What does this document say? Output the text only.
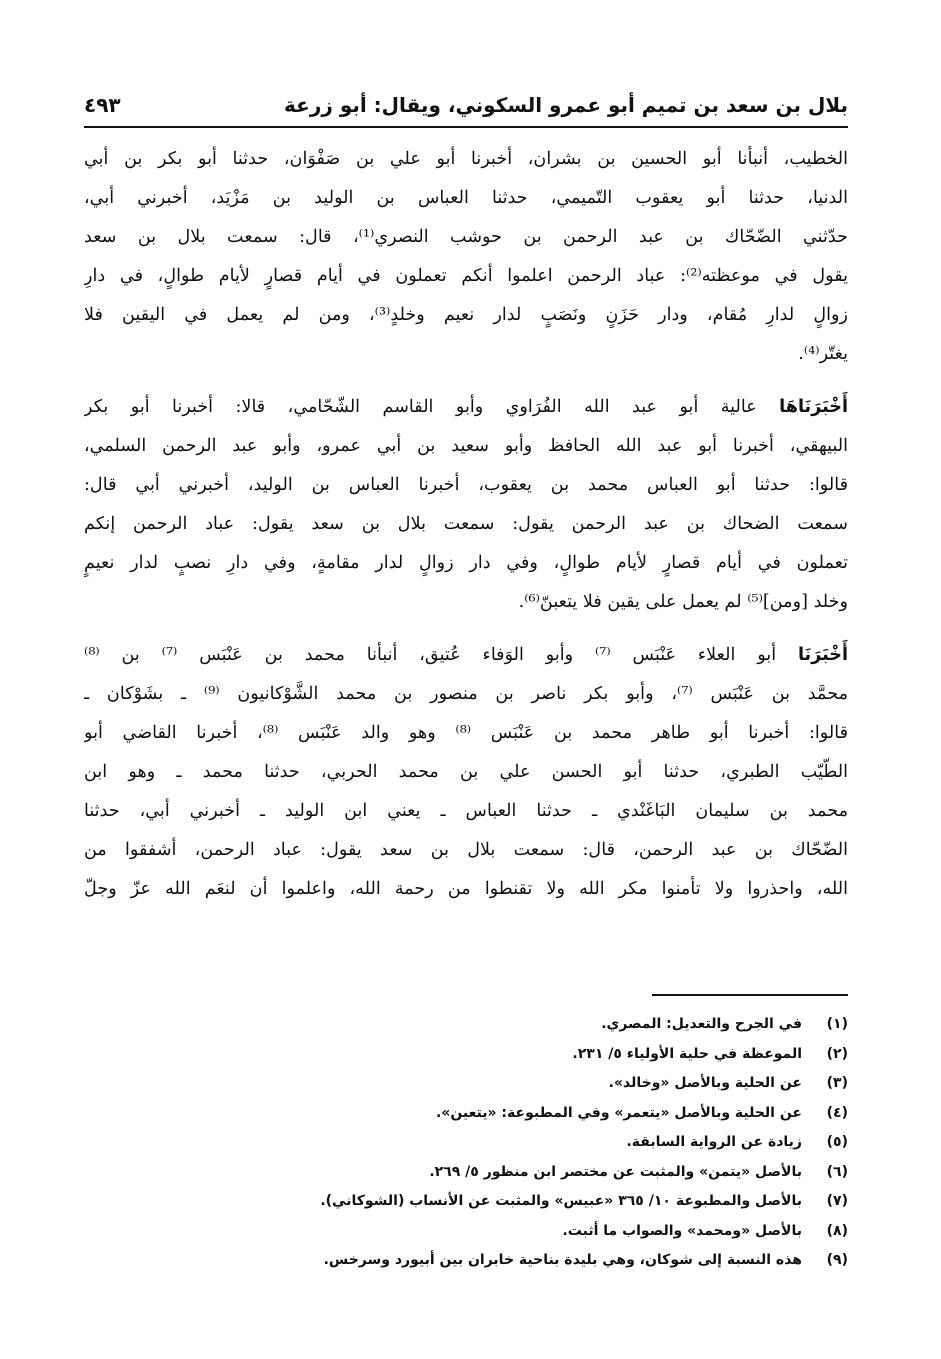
بلال بن سعد بن تميم أبو عمرو السكوني، ويقال: أبو زرعة
٤٩٣
الخطيب، أنبأنا أبو الحسين بن بشران، أخبرنا أبو علي بن صَفْوَان، حدثنا أبو بكر بن أبي
الدنيا، حدثنا أبو يعقوب التّميمي، حدثنا العباس بن الوليد بن مَزْيَد، أخبرني أبي،
حدّثني الضّحّاك بن عبد الرحمن بن حوشب النصري⁽¹⁾، قال: سمعت بلال بن سعد
يقول في موعظته⁽²⁾: عباد الرحمن اعلموا أنكم تعملون في أيام قصارٍ لأيام طوالٍ، في دارِ
زوالٍ لدارِ مُقام، ودار حَزَنٍ ونَصَبٍ لدار نعيم وخلدٍ⁽³⁾، ومن لم يعمل في اليقين فلا
يغتّر⁽⁴⁾.
أَخْبَرَنَاهَا عالية أبو عبد الله الفُرَاوي وأبو القاسم الشّحّامي، قالا: أخبرنا أبو بكر
البيهقي، أخبرنا أبو عبد الله الحافظ وأبو سعيد بن أبي عمرو، وأبو عبد الرحمن السلمي،
قالوا: حدثنا أبو العباس محمد بن يعقوب، أخبرنا العباس بن الوليد، أخبرني أبي قال:
سمعت الضحاك بن عبد الرحمن يقول: سمعت بلال بن سعد يقول: عباد الرحمن إنكم
تعملون في أيام قصارٍ لأيام طوالٍ، وفي دار زوالٍ لدار مقامةٍ، وفي دارِ نصبٍ لدار نعيمٍ
وخلد [ومن]⁽⁵⁾ لم يعمل على يقين فلا يتعبنّ⁽⁶⁾.
أَخْبَرَنَا أبو العلاء عَنْبَس ⁽⁷⁾ وأبو الوَفاء عُتيق، أنبأنا محمد بن عَنْبَس ⁽⁷⁾ بن ⁽⁸⁾
محمَّد بن عَنْبَس ⁽⁷⁾، وأبو بكر ناصر بن منصور بن محمد الشَّوْكانيون ⁽⁹⁾ ـ بشَوْكان ـ
قالوا: أخبرنا أبو طاهر محمد بن عَنْبَس ⁽⁸⁾ وهو والد عَنْبَس ⁽⁸⁾، أخبرنا القاضي أبو
الطّيّب الطبري، حدثنا أبو الحسن علي بن محمد الحربي، حدثنا محمد ـ وهو ابن
محمد بن سليمان البَاغَنْدي ـ حدثنا العباس ـ يعني ابن الوليد ـ أخبرني أبي، حدثنا
الضّحّاك بن عبد الرحمن، قال: سمعت بلال بن سعد يقول: عباد الرحمن، أشفقوا من
الله، واحذروا ولا تأمنوا مكر الله ولا تقنطوا من رحمة الله، واعلموا أن لنعَم الله عزّ وجلّ
(١)
في الجرح والتعديل: المصري.
(٢)
الموعظة في حلية الأولياء ٥/ ٢٣١.
(٣)
عن الحلية وبالأصل «وخالد».
(٤)
عن الحلية وبالأصل «يتعمر» وفي المطبوعة: «يتعين».
(٥)
زيادة عن الرواية السابقة.
(٦)
بالأصل «يتمن» والمثبت عن مختصر ابن منظور ٥/ ٢٦٩.
(٧)
بالأصل والمطبوعة ١٠/ ٣٦٥ «عبيس» والمثبت عن الأنساب (الشوكاني).
(٨)
بالأصل «ومحمد» والصواب ما أثبت.
(٩)
هذه النسبة إلى شوكان، وهي بليدة بناحية خابران بين أبيورد وسرخس.
